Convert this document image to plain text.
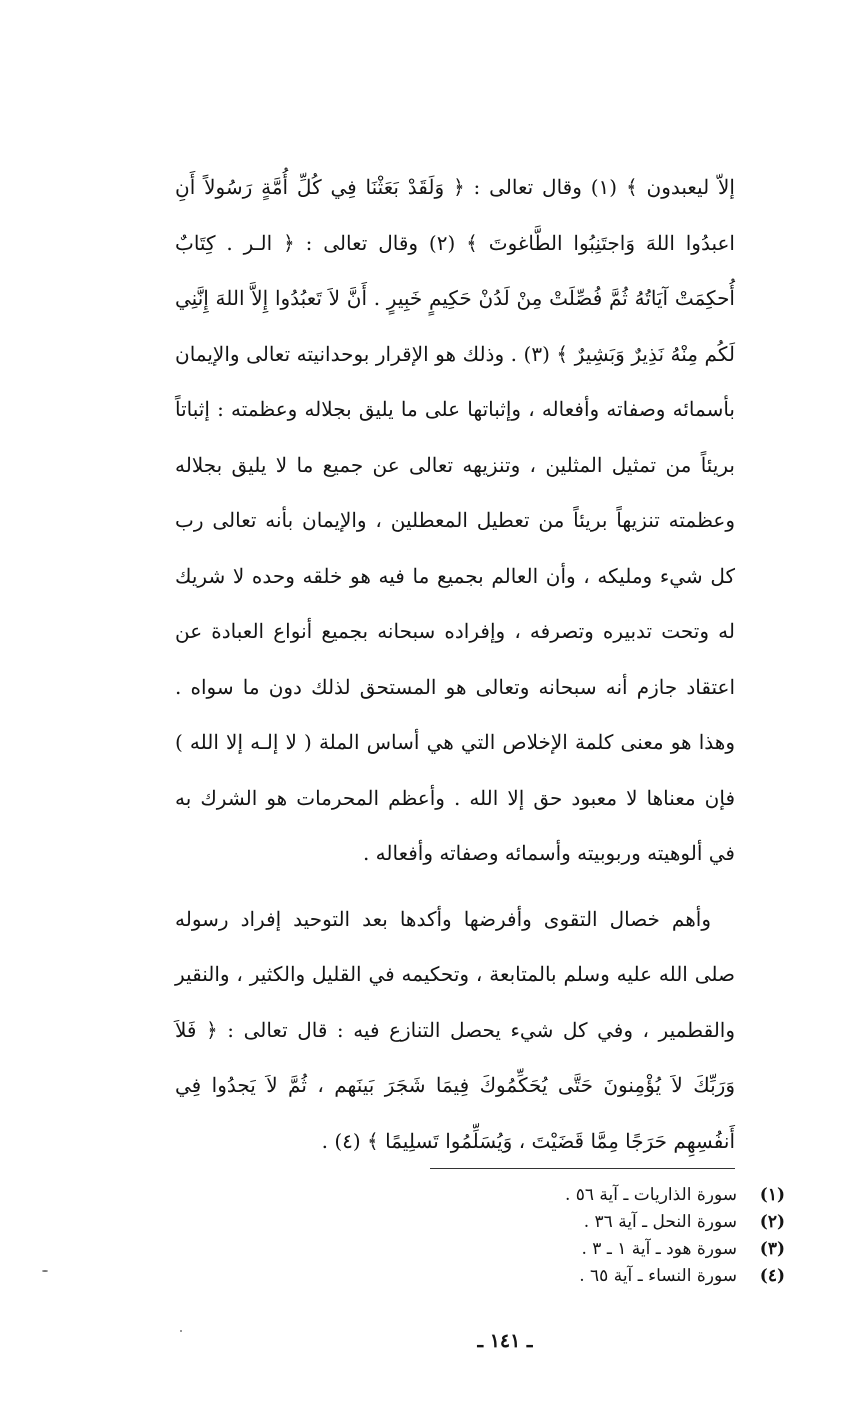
إلاّ ليعبدون ﴾ (١) وقال تعالى : ﴿ وَلَقَدْ بَعَثْنَا فِي كُلِّ أُمَّةٍ رَسُولاً أَنِ اعبدُوا اللهَ وَاجتَنِبُوا الطَّاغوتَ ﴾ (٢) وقال تعالى : ﴿ الـر . كِتَابٌ أُحكِمَتْ آيَاتُهُ ثُمَّ فُصِّلَتْ مِنْ لَدُنْ حَكِيمٍ خَبِيرٍ . أَنَّ لاَ تَعبُدُوا إِلاَّ اللهَ إِنَّنِي لَكُم مِنْهُ نَذِيرٌ وَبَشِيرٌ ﴾ (٣) . وذلك هو الإقرار بوحدانيته تعالى والإيمان بأسمائه وصفاته وأفعاله ، وإثباتها على ما يليق بجلاله وعظمته : إثباتاً بريئاً من تمثيل المثلين ، وتنزيهه تعالى عن جميع ما لا يليق بجلاله وعظمته تنزيهاً بريئاً من تعطيل المعطلين ، والإيمان بأنه تعالى رب كل شيء ومليكه ، وأن العالم بجميع ما فيه هو خلقه وحده لا شريك له وتحت تدبيره وتصرفه ، وإفراده سبحانه بجميع أنواع العبادة عن اعتقاد جازم أنه سبحانه وتعالى هو المستحق لذلك دون ما سواه . وهذا هو معنى كلمة الإخلاص التي هي أساس الملة ( لا إلـه إلا الله ) فإن معناها لا معبود حق إلا الله . وأعظم المحرمات هو الشرك به في ألوهيته وربوبيته وأسمائه وصفاته وأفعاله .

وأهم خصال التقوى وأفرضها وأكدها بعد التوحيد إفراد رسوله صلى الله عليه وسلم بالمتابعة ، وتحكيمه في القليل والكثير ، والنقير والقطمير ، وفي كل شيء يحصل التنازع فيه : قال تعالى : ﴿ فَلاَ وَرَبِّكَ لاَ يُؤْمِنونَ حَتَّى يُحَكِّمُوكَ فِيمَا شَجَرَ بَينَهم ، ثُمَّ لاَ يَجدُوا فِي أَنفُسِهِم حَرَجًا مِمَّا قَضَيْتَ ، وَيُسَلِّمُوا تَسلِيمًا ﴾ (٤) .

(١)
سورة الذاريات ـ آية ٥٦ .
(٢)
سورة النحل ـ آية ٣٦ .
(٣)
سورة هود ـ آية ١ ـ ٣ .
(٤)
سورة النساء ـ آية ٦٥ .
ـ ١٤١ ـ
